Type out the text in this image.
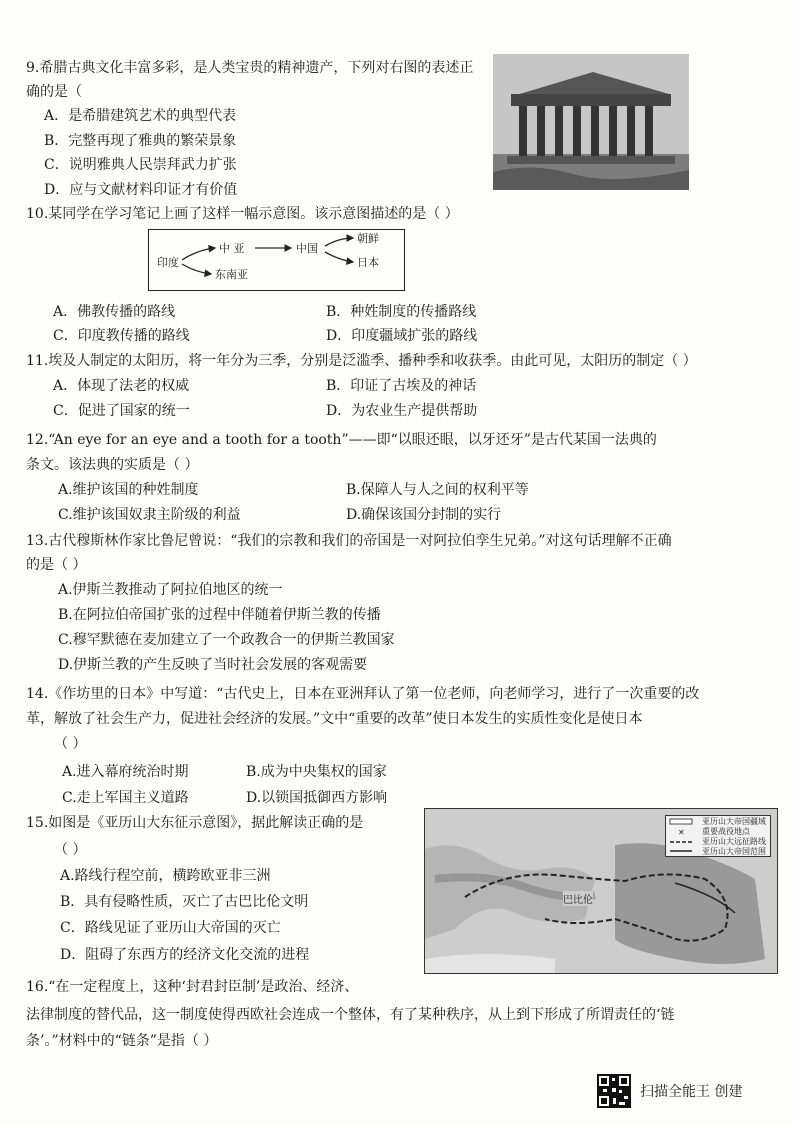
9.希腊古典文化丰富多彩，是人类宝贵的精神遗产，下列对右图的表述正
确的是（
A．是希腊建筑艺术的典型代表
B．完整再现了雅典的繁荣景象
C．说明雅典人民崇拜武力扩张
D．应与文献材料印证才有价值
10.某同学在学习笔记上画了这样一幅示意图。该示意图描述的是（ ）
印度
中 亚	中国
朝鲜
日本
东南亚
A．佛教传播的路线	B．种姓制度的传播路线
C．印度教传播的路线	D．印度疆域扩张的路线
11.埃及人制定的太阳历，将一年分为三季，分别是泛滥季、播种季和收获季。由此可见，太阳历的制定（ ）
A．体现了法老的权威	B．印证了古埃及的神话
C．促进了国家的统一	D．为农业生产提供帮助
12.“An eye for an eye and a tooth for a tooth”——即“以眼还眼，以牙还牙”是古代某国一法典的
条文。该法典的实质是（ ）
A.维护该国的种姓制度	B.保障人与人之间的权利平等
C.维护该国奴隶主阶级的利益	D.确保该国分封制的实行
13.古代穆斯林作家比鲁尼曾说：“我们的宗教和我们的帝国是一对阿拉伯孪生兄弟。”对这句话理解不正确
的是（ ）
A.伊斯兰教推动了阿拉伯地区的统一
B.在阿拉伯帝国扩张的过程中伴随着伊斯兰教的传播
C.穆罕默德在麦加建立了一个政教合一的伊斯兰教国家
D.伊斯兰教的产生反映了当时社会发展的客观需要
14.《作坊里的日本》中写道：“古代史上，日本在亚洲拜认了第一位老师，向老师学习，进行了一次重要的改
革，解放了社会生产力，促进社会经济的发展。”文中“重要的改革”使日本发生的实质性变化是使日本
（ ）
A.进入幕府统治时期	B.成为中央集权的国家
C.走上军国主义道路	D.以锁国抵御西方影响
巴比伦
✕
亚历山大帝国疆域
重要战役地点
亚历山大远征路线
亚历山大帝国范围
15.如图是《亚历山大东征示意图》，据此解读正确的是
（ ）
A.路线行程空前，横跨欧亚非三洲
B．具有侵略性质，灭亡了古巴比伦文明
C．路线见证了亚历山大帝国的灭亡
D．阻碍了东西方的经济文化交流的进程
16.“在一定程度上，这种‘封君封臣制’是政治、经济、
法律制度的替代品，这一制度使得西欧社会连成一个整体，有了某种秩序，从上到下形成了所谓责任的‘链
条’。”材料中的“链条”是指（ ）
扫描全能王 创建
